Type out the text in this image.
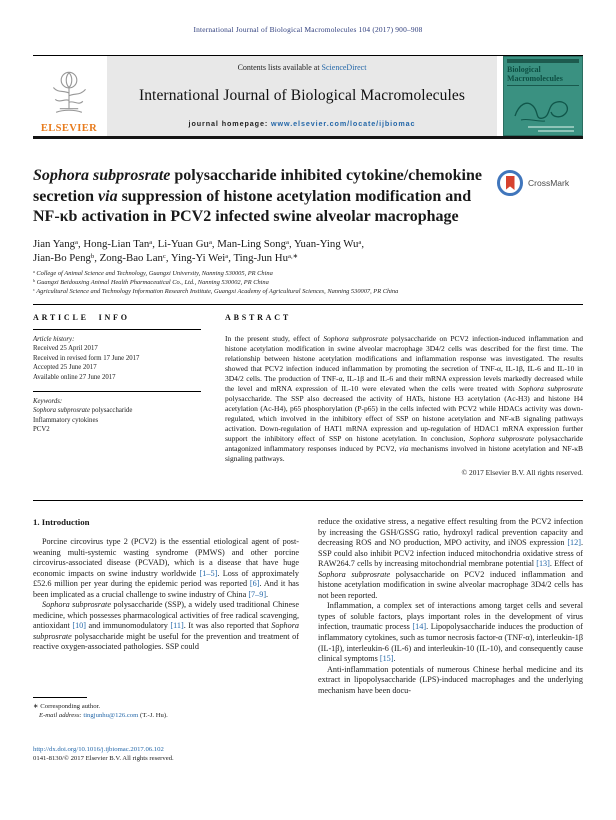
International Journal of Biological Macromolecules 104 (2017) 900–908
ELSEVIER
Contents lists available at ScienceDirect
International Journal of Biological Macromolecules
journal homepage: www.elsevier.com/locate/ijbiomac
Biological Macromolecules
CrossMark
Sophora subprosrate polysaccharide inhibited cytokine/chemokine secretion via suppression of histone acetylation modification and NF-κb activation in PCV2 infected swine alveolar macrophage
Jian Yang$^a$, Hong-Lian Tan$^a$, Li-Yuan Gu$^a$, Man-Ling Song$^a$, Yuan-Ying Wu$^a$,
Jian-Bo Peng$^b$, Zong-Bao Lan$^c$, Ying-Yi Wei$^a$, Ting-Jun $Hu^{a,∗}$
$^a$ College of Animal Science and Technology, Guangxi University, Nanning 530005, PR China
$^b$ Guangxi Beidouxing Animal Health Pharmaceutical Co., Ltd., Nanning 530002, PR China
$^c$ Agricultural Science and Technology Information Research Institute, Guangxi Academy of Agricultural Sciences, Nanning 530007, PR China
ARTICLE INFO
Article history:
Received 25 April 2017
Received in revised form 17 June 2017
Accepted 25 June 2017
Available online 27 June 2017
Keywords:
Sophora subprosrate polysaccharide
Inflammatory cytokines
PCV2
ABSTRACT
In the present study, effect of Sophora subprosrate polysaccharide on PCV2 infection-induced inflammation and histone acetylation modification in swine alveolar macrophage 3D4/2 cells was described for the first time. The relationship between histone acetylation modifications and inflammation response was investigated. The results showed that PCV2 infection induced inflammation by promoting the secretion of TNF-α, IL-1β, IL-6 and IL-10 in 3D4/2 cells. The production of TNF-α, IL-1β and IL-6 and their mRNA expression levels markedly decreased while the level and mRNA expression of IL-10 were elevated when the cells were treated with Sophora subprosrate polysaccharide. The SSP also decreased the activity of HATs, histone H3 acetylation (Ac-H3) and histone H4 acetylation (Ac-H4), p65 phosphorylation (P-p65) in the cells infected with PCV2 while HDACs activity was down-regulated, which involved in the inhibitory effect of SSP on histone acetylation and NF-κB signaling pathways activation. Down-regulation of HAT1 mRNA expression and up-regulation of HDAC1 mRNA expression further support the inhibitory effect of SSP on histone acetylation. In conclusion, Sophora subprosrate polysaccharide antagonized inflammatory responses induced by PCV2, via mechanisms involved in histone acetylation and NF-κB signaling pathways.
© 2017 Elsevier B.V. All rights reserved.
1. Introduction

Porcine circovirus type 2 (PCV2) is the essential etiological agent of post-weaning multi-systemic wasting syndrome (PMWS) and other porcine circovirus-associated disease (PCVAD), which is a disease that have huge economic impacts on swine industry worldwide [1–5]. Loss of approximately £52.6 million per year during the epidemic period was reported [6]. And it has been implicated as a crucial challenge to swine industry of China [7–9].

Sophora subprosrate polysaccharide (SSP), a widely used traditional Chinese medicine, which possesses pharmacological activities of free radical scavenging, antioxidant [10] and immunomodulatory [11]. It was also reported that Sophora subprosrate polysaccharide might be useful for the prevention and treatment of reactive oxygen-associated pathologies. SSP could

reduce the oxidative stress, a negative effect resulting from the PCV2 infection by increasing the GSH/GSSG ratio, hydroxyl radical prevention capacity and decreasing ROS and NO production, MPO activity, and iNOS expression [12]. SSP could also inhibit PCV2 infection induced mitochondria oxidative stress of RAW264.7 cells by increasing mitochondrial membrane potential [13]. Effect of Sophora subprosrate polysaccharide on PCV2 induced inflammation and histone acetylation modification in swine alveolar macrophage 3D4/2 cells has not been reported.

Inflammation, a complex set of interactions among target cells and several types of soluble factors, plays important roles in the development of virus infection, traumatic process [14]. Lipopolysaccharide induces the production of inflammatory cytokines, such as tumor necrosis factor-α (TNF-α), interleukin-1β (IL-1β), interleukin-6 (IL-6) and interleukin-10 (IL-10), and consequently cause clinical symptoms [15].

Anti-inflammation potentials of numerous Chinese herbal medicine and its extract in lipopolysaccharide (LPS)-induced macrophages and the underlying mechanism have been docu-

∗ Corresponding author.
E-mail address: tingjunhu@126.com (T.-J. Hu).
http://dx.doi.org/10.1016/j.ijbiomac.2017.06.102
0141-8130/© 2017 Elsevier B.V. All rights reserved.
